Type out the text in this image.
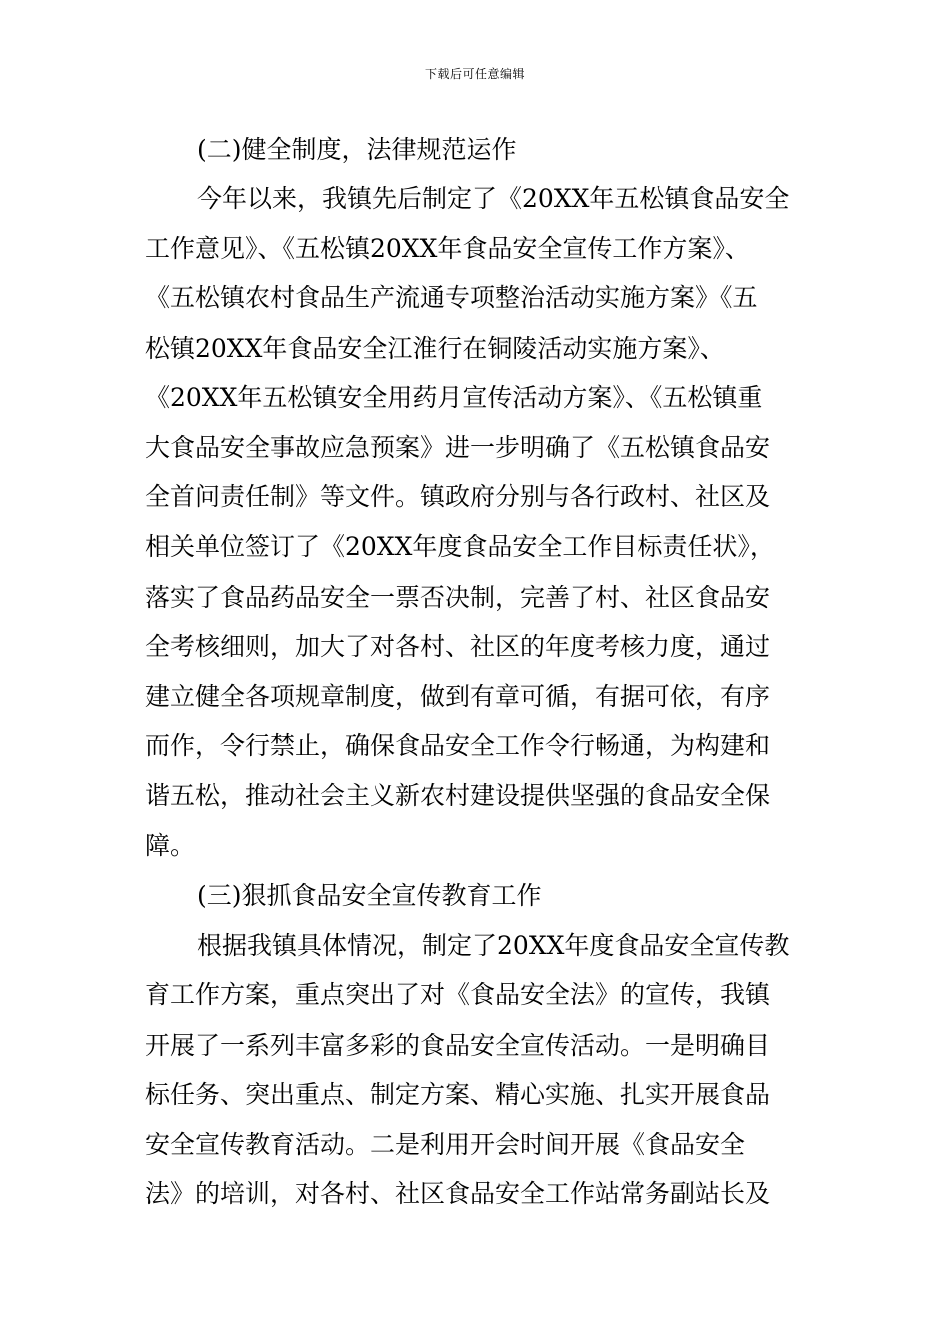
下载后可任意编辑
(二)健全制度，法律规范运作
今年以来，我镇先后制定了《20XX年五松镇食品安全
工作意见》、《五松镇20XX年食品安全宣传工作方案》、
《五松镇农村食品生产流通专项整治活动实施方案》《五
松镇20XX年食品安全江淮行在铜陵活动实施方案》、
《20XX年五松镇安全用药月宣传活动方案》、《五松镇重
大食品安全事故应急预案》进一步明确了《五松镇食品安
全首问责任制》等文件。镇政府分别与各行政村、社区及
相关单位签订了《20XX年度食品安全工作目标责任状》，
落实了食品药品安全一票否决制，完善了村、社区食品安
全考核细则，加大了对各村、社区的年度考核力度，通过
建立健全各项规章制度，做到有章可循，有据可依，有序
而作，令行禁止，确保食品安全工作令行畅通，为构建和
谐五松，推动社会主义新农村建设提供坚强的食品安全保
障。
(三)狠抓食品安全宣传教育工作
根据我镇具体情况，制定了20XX年度食品安全宣传教
育工作方案，重点突出了对《食品安全法》的宣传，我镇
开展了一系列丰富多彩的食品安全宣传活动。一是明确目
标任务、突出重点、制定方案、精心实施、扎实开展食品
安全宣传教育活动。二是利用开会时间开展《食品安全
法》的培训，对各村、社区食品安全工作站常务副站长及
